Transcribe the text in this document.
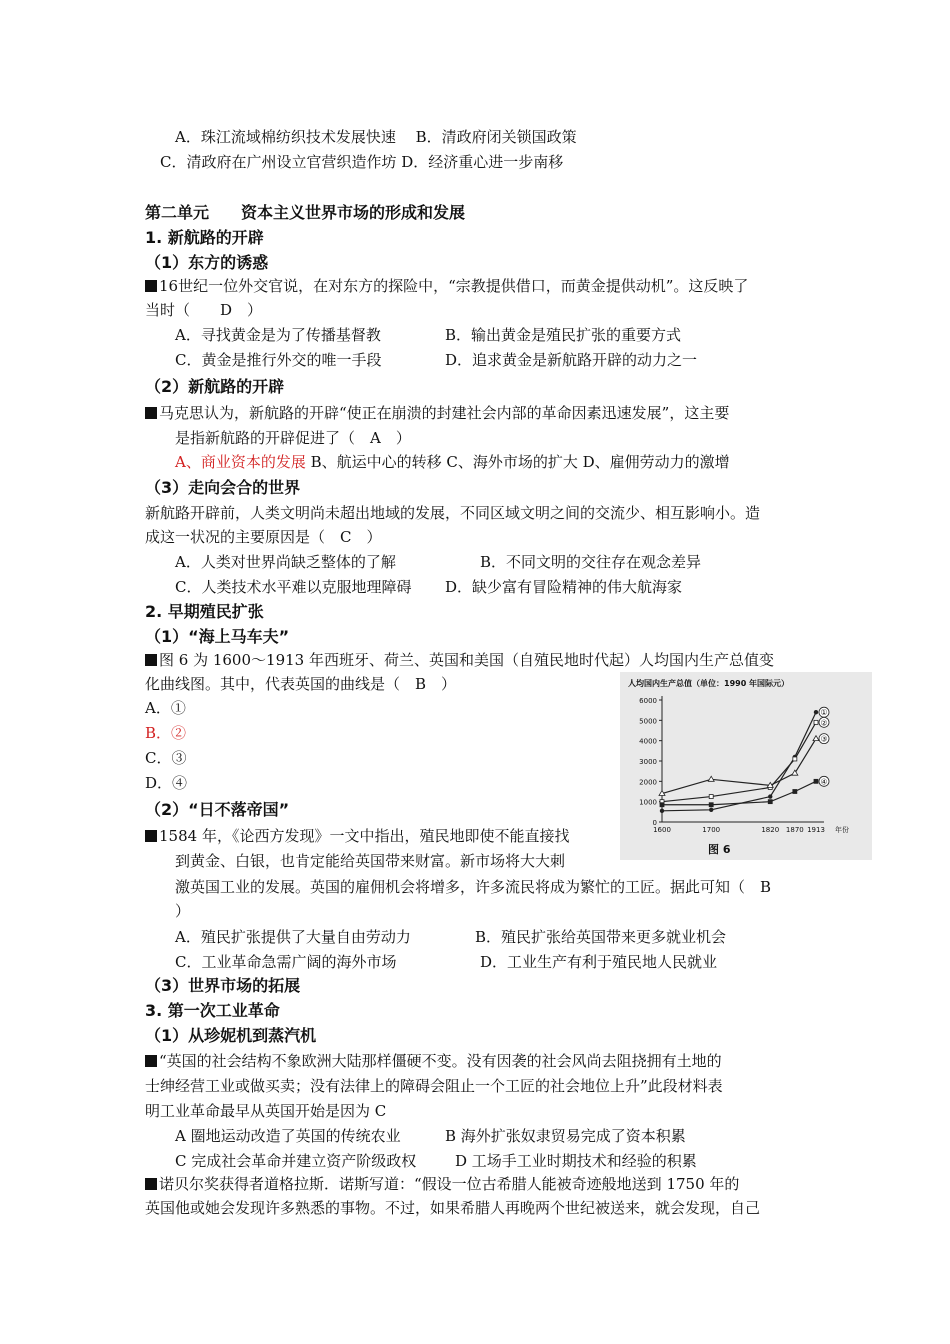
A．珠江流域棉纺织技术发展快速　 B．清政府闭关锁国政策
C．清政府在广州设立官营织造作坊 D．经济重心进一步南移
第二单元　　资本主义世界市场的形成和发展
1. 新航路的开辟
（1）东方的诱惑
16世纪一位外交官说，在对东方的探险中，“宗教提供借口，而黄金提供动机”。这反映了
当时（　　D　）
A．寻找黄金是为了传播基督教	B．输出黄金是殖民扩张的重要方式
C．黄金是推行外交的唯一手段	D．追求黄金是新航路开辟的动力之一
（2）新航路的开辟
马克思认为，新航路的开辟“使正在崩溃的封建社会内部的革命因素迅速发展”，这主要
是指新航路的开辟促进了（　A　）
A、商业资本的发展 B、航运中心的转移 C、海外市场的扩大 D、雇佣劳动力的激增
（3）走向会合的世界
新航路开辟前，人类文明尚未超出地域的发展，不同区域文明之间的交流少、相互影响小。造
成这一状况的主要原因是（　C　）
A．人类对世界尚缺乏整体的了解	B．不同文明的交往存在观念差异
C．人类技术水平难以克服地理障碍 D．缺少富有冒险精神的伟大航海家
2. 早期殖民扩张
（1）“海上马车夫”
图 6 为 1600～1913 年西班牙、荷兰、英国和美国（自殖民地时代起）人均国内生产总值变
化曲线图。其中，代表英国的曲线是（　B　）
A．①
B．②
C．③
D．④
人均国内生产总值（单位：1990 年国际元）
0
1000
2000
3000
4000
5000
6000
1600	1700	1820 1870 1913 年份
①
②
③
④
图 6
（2）“日不落帝国”
1584 年，《论西方发现》一文中指出，殖民地即使不能直接找
到黄金、白银，也肯定能给英国带来财富。新市场将大大刺
激英国工业的发展。英国的雇佣机会将增多，许多流民将成为繁忙的工匠。据此可知（　B
）
A．殖民扩张提供了大量自由劳动力	B．殖民扩张给英国带来更多就业机会
C．工业革命急需广阔的海外市场	D．工业生产有利于殖民地人民就业
（3）世界市场的拓展
3. 第一次工业革命
（1）从珍妮机到蒸汽机
“英国的社会结构不象欧洲大陆那样僵硬不变。没有因袭的社会风尚去阻挠拥有土地的
士绅经营工业或做买卖；没有法律上的障碍会阻止一个工匠的社会地位上升”此段材料表
明工业革命最早从英国开始是因为 C
A 圈地运动改造了英国的传统农业	B 海外扩张奴隶贸易完成了资本积累
C 完成社会革命并建立资产阶级政权	D 工场手工业时期技术和经验的积累
诺贝尔奖获得者道格拉斯．诺斯写道：“假设一位古希腊人能被奇迹般地送到 1750 年的
英国他或她会发现许多熟悉的事物。不过，如果希腊人再晚两个世纪被送来，就会发现，自己
